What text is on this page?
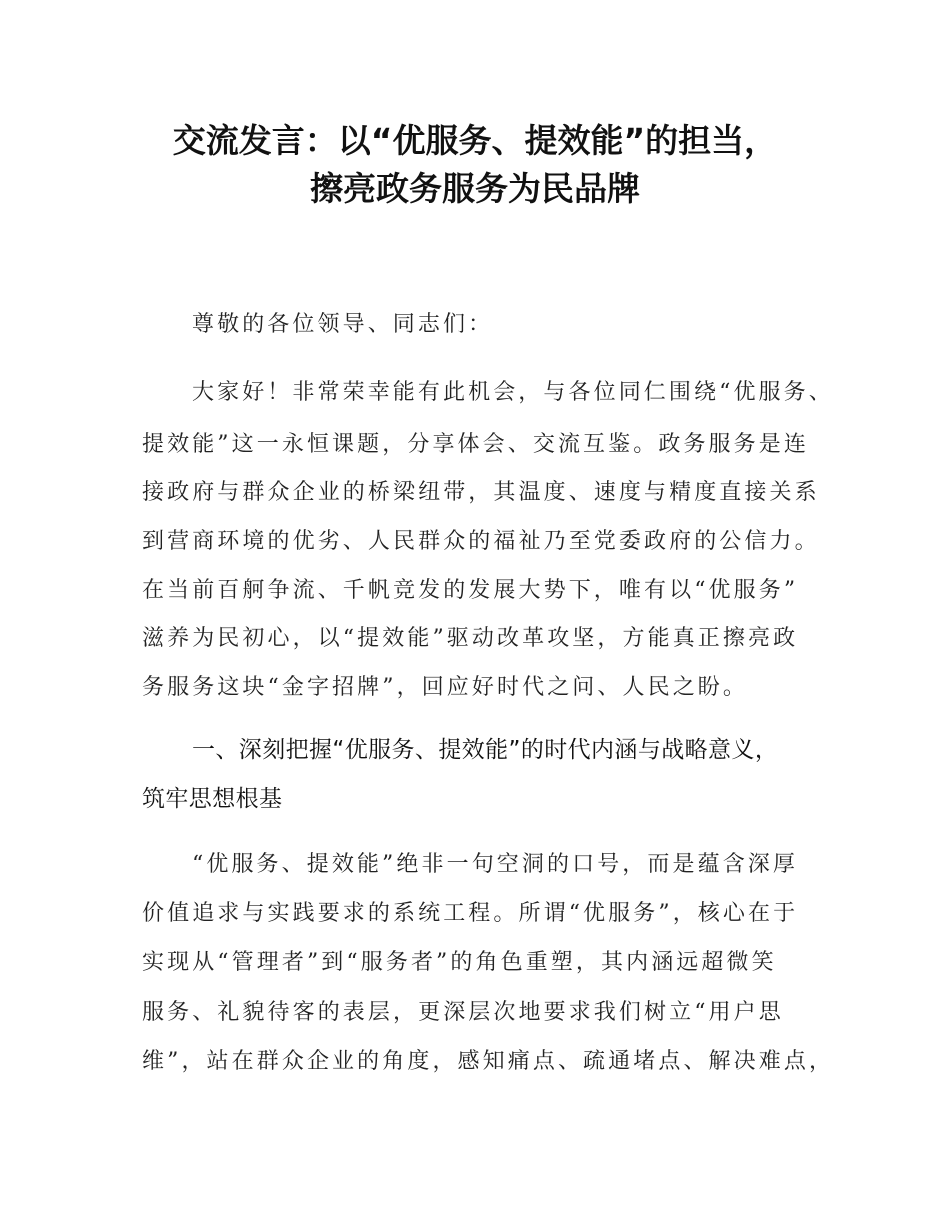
交流发言：以“优服务、提效能”的担当，
擦亮政务服务为民品牌
尊敬的各位领导、同志们：
大家好！非常荣幸能有此机会，与各位同仁围绕“优服务、
提效能”这一永恒课题，分享体会、交流互鉴。政务服务是连
接政府与群众企业的桥梁纽带，其温度、速度与精度直接关系
到营商环境的优劣、人民群众的福祉乃至党委政府的公信力。
在当前百舸争流、千帆竞发的发展大势下，唯有以“优服务”
滋养为民初心，以“提效能”驱动改革攻坚，方能真正擦亮政
务服务这块“金字招牌”，回应好时代之问、人民之盼。
一、深刻把握“优服务、提效能”的时代内涵与战略意义，
筑牢思想根基
“优服务、提效能”绝非一句空洞的口号，而是蕴含深厚
价值追求与实践要求的系统工程。所谓“优服务”，核心在于
实现从“管理者”到“服务者”的角色重塑，其内涵远超微笑
服务、礼貌待客的表层，更深层次地要求我们树立“用户思
维”，站在群众企业的角度，感知痛点、疏通堵点、解决难点，
